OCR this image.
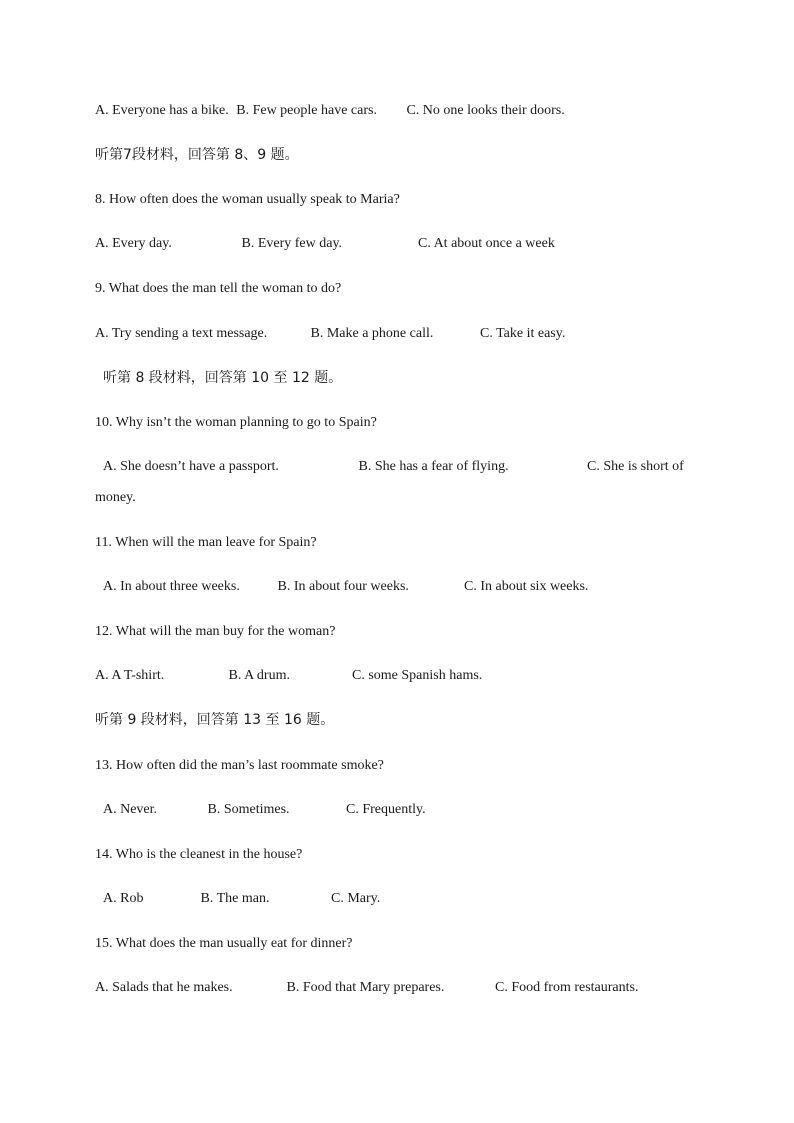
A. Everyone has a bike. B. Few people have cars. C. No one looks their doors.
听第7段材料，回答第 8、9 题。
8. How often does the woman usually speak to Maria?
A. Every day.	B. Every few day.	C. At about once a week
9. What does the man tell the woman to do?
A. Try sending a text message.	B. Make a phone call.	C. Take it easy.
听第 8 段材料，回答第 10 至 12 题。
10. Why isn’t the woman planning to go to Spain?
A. She doesn’t have a passport.	B. She has a fear of flying.	C. She is short of
money.
11. When will the man leave for Spain?
A. In about three weeks.	B. In about four weeks.	C. In about six weeks.
12. What will the man buy for the woman?
A. A T-shirt.	B. A drum.	C. some Spanish hams.
听第 9 段材料，回答第 13 至 16 题。
13. How often did the man’s last roommate smoke?
A. Never.	B. Sometimes.	C. Frequently.
14. Who is the cleanest in the house?
A. Rob	B. The man.	C. Mary.
15. What does the man usually eat for dinner?
A. Salads that he makes.	B. Food that Mary prepares.	C. Food from restaurants.
